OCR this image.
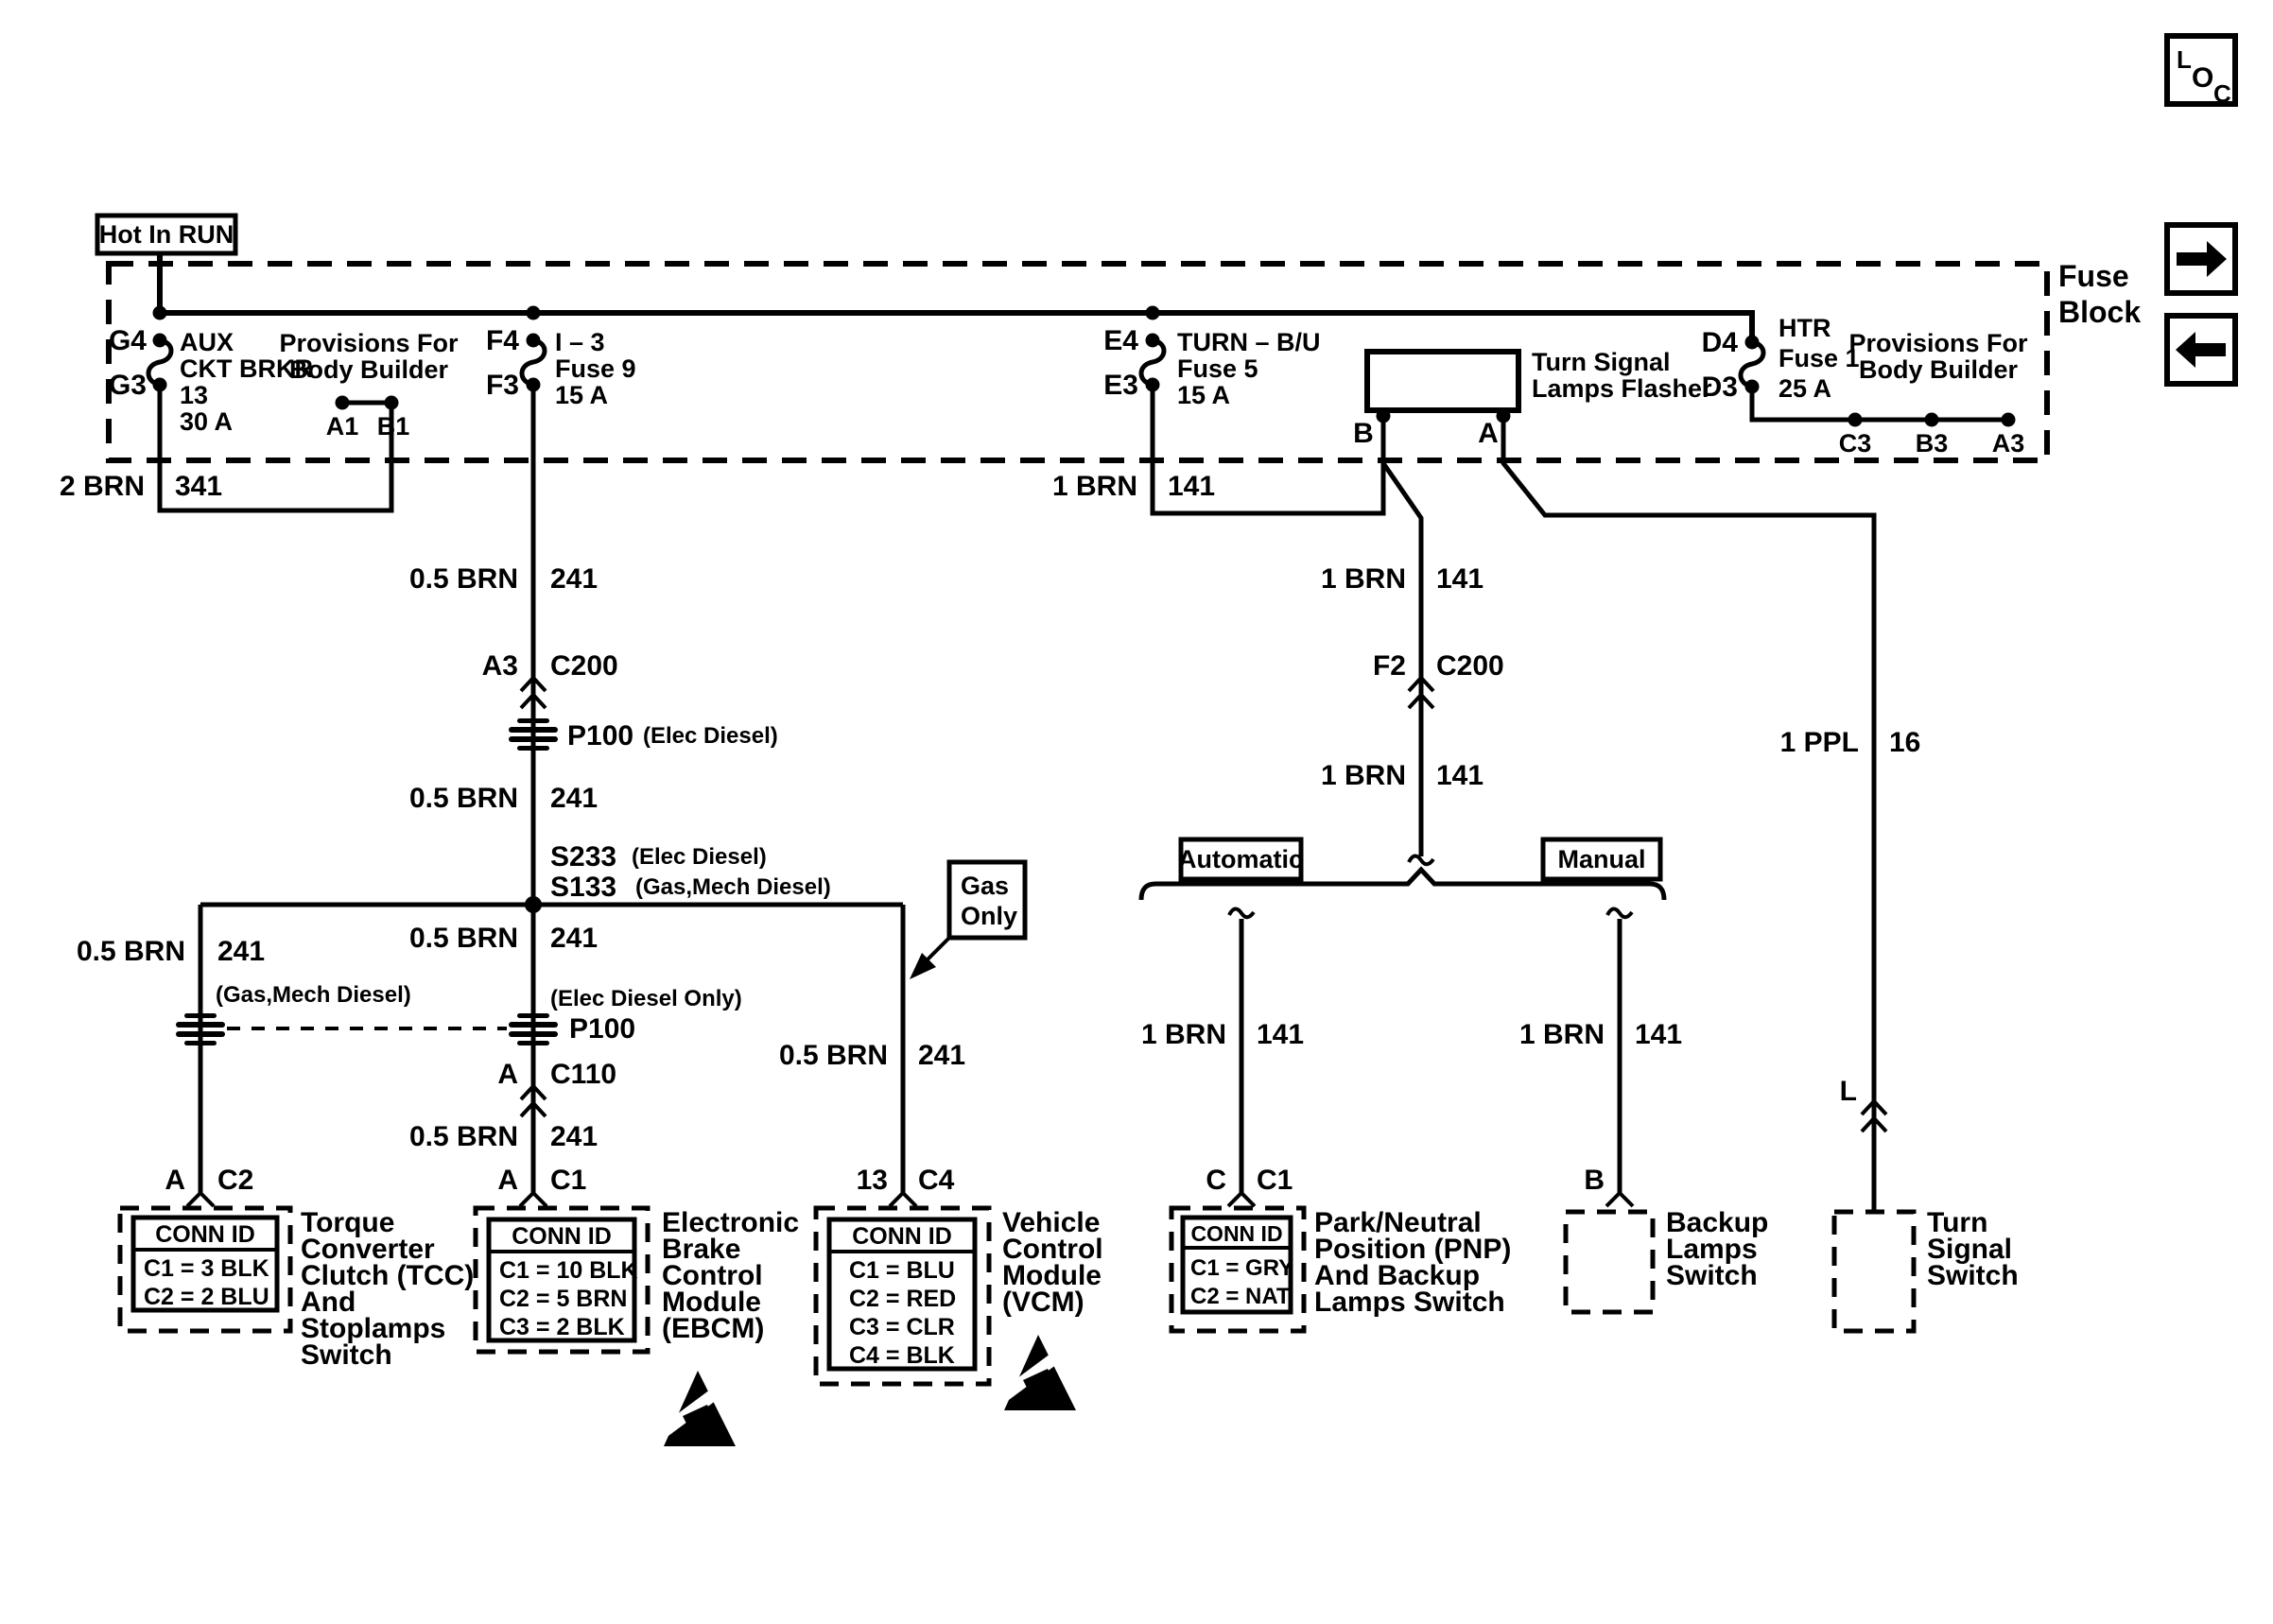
L
O C
Fuse
Block
Hot In RUN
G4
G3
AUX
CKT BRKR
13
30 A
Provisions For
Body Builder
A1 B1
2 BRN 341
F4
F3
I – 3
Fuse 9
15 A
E4
E3
TURN – B/U
Fuse 5
15 A
1 BRN 141
Turn Signal
Lamps Flasher
B	A
D4
D3
HTR
Fuse 1
25 A
Provisions For
Body Builder
C3 B3 A3
0.5 BRN 241
A3 C200
P100 (Elec Diesel)
0.5 BRN 241
S233 (Elec Diesel)
S133 (Gas,Mech Diesel)
0.5 BRN 241
(Elec Diesel Only)
P100
A C110
0.5 BRN 241
A C1
0.5 BRN 241
(Gas,Mech Diesel)
A C2
Gas
Only
0.5 BRN 241
13 C4
1 BRN 141
F2 C200
1 BRN 141
Automatic	Manual
1 BRN 141
C C1
1 BRN 141
B
1 PPL 16
L
CONN ID
C1 = 3 BLK
C2 = 2 BLU
Torque
Converter
Clutch (TCC)
And
Stoplamps
Switch
CONN ID
C1 = 10 BLK
C2 = 5 BRN
C3 = 2 BLK
Electronic
Brake
Control
Module
(EBCM)
CONN ID
C1 = BLU
C2 = RED
C3 = CLR
C4 = BLK
Vehicle
Control
Module
(VCM)
CONN ID
C1 = GRY
C2 = NAT
Park/Neutral
Position (PNP)
And Backup
Lamps Switch
Backup
Lamps
Switch
Turn
Signal
Switch
